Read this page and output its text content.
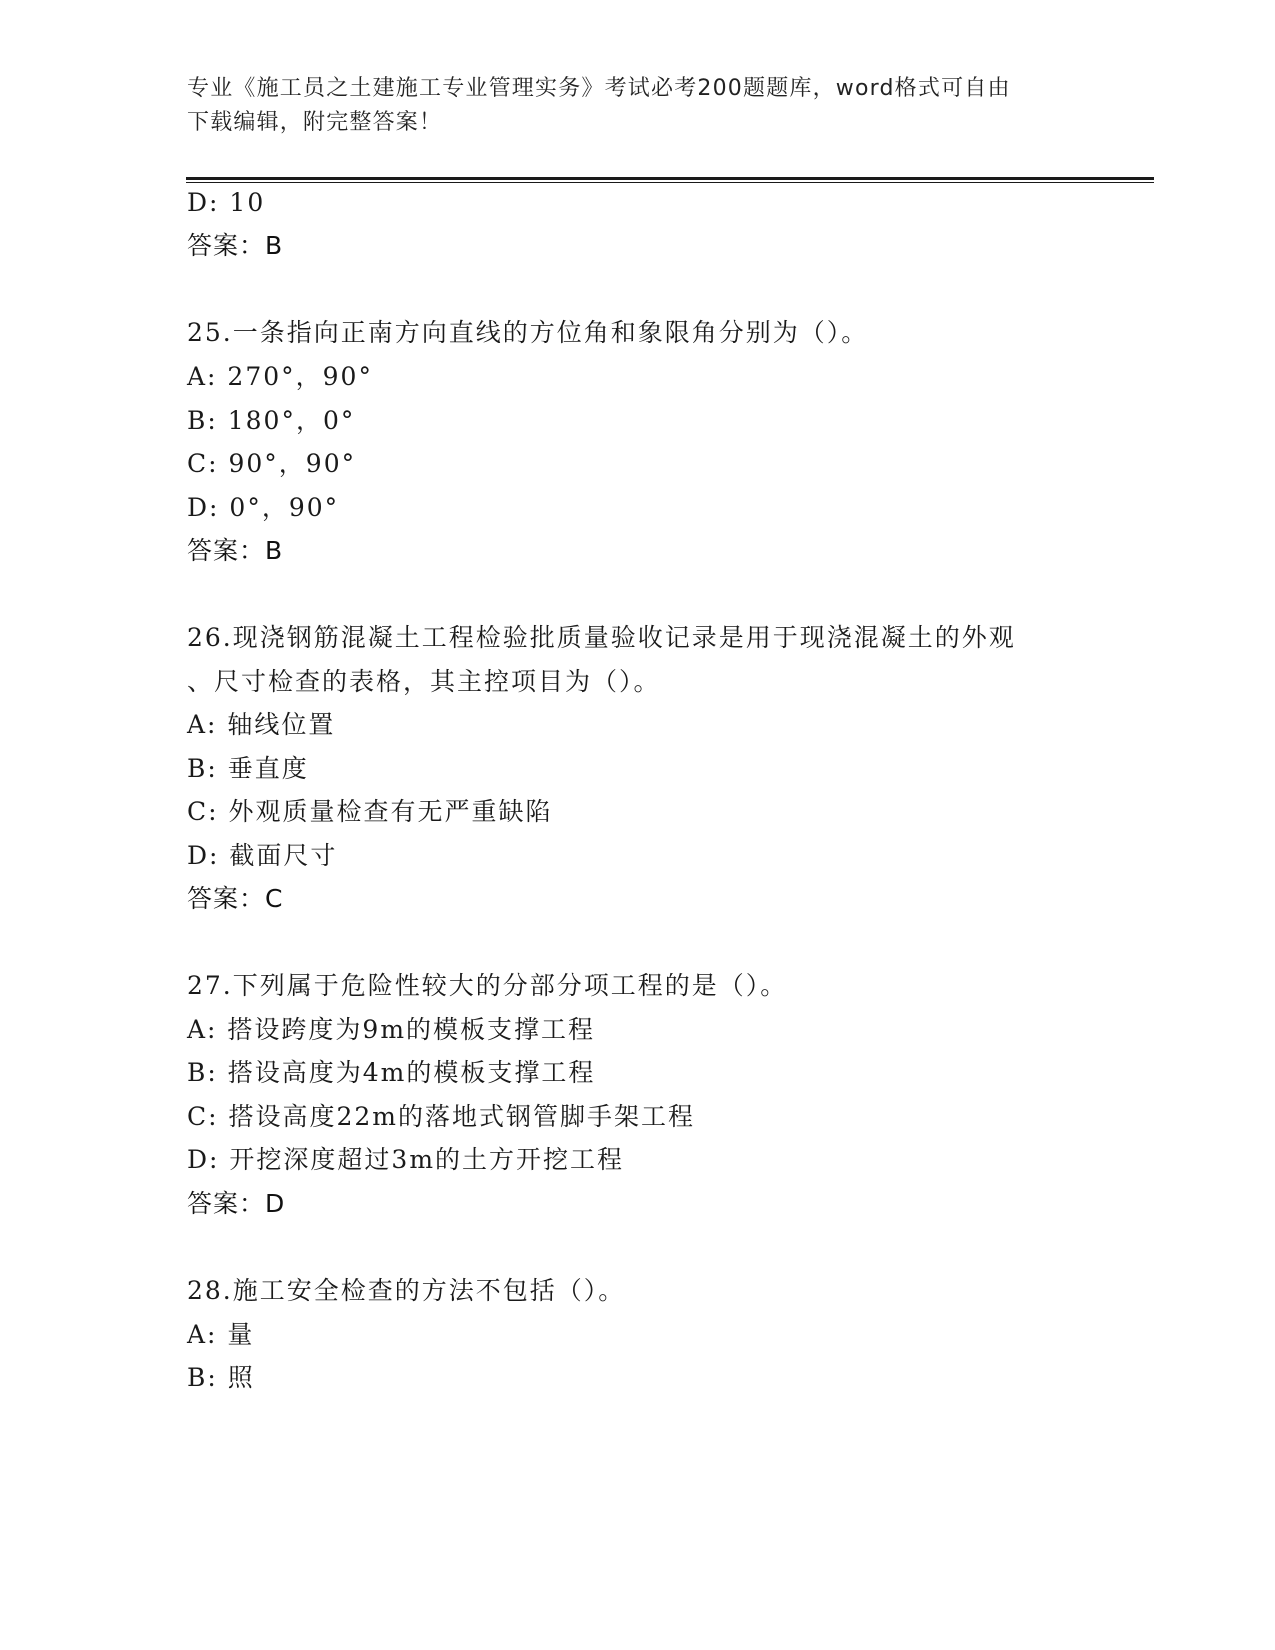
专业《施工员之土建施工专业管理实务》考试必考200题题库，word格式可自由
下载编辑，附完整答案！
D: 10
答案：B
25.一条指向正南方向直线的方位角和象限角分别为（）。
A: 270°，90°
B: 180°，0°
C: 90°，90°
D: 0°，90°
答案：B
26.现浇钢筋混凝土工程检验批质量验收记录是用于现浇混凝土的外观
、尺寸检查的表格，其主控项目为（）。
A: 轴线位置
B: 垂直度
C: 外观质量检查有无严重缺陷
D: 截面尺寸
答案：C
27.下列属于危险性较大的分部分项工程的是（）。
A: 搭设跨度为9m的模板支撑工程
B: 搭设高度为4m的模板支撑工程
C: 搭设高度22m的落地式钢管脚手架工程
D: 开挖深度超过3m的土方开挖工程
答案：D
28.施工安全检查的方法不包括（）。
A: 量
B: 照
